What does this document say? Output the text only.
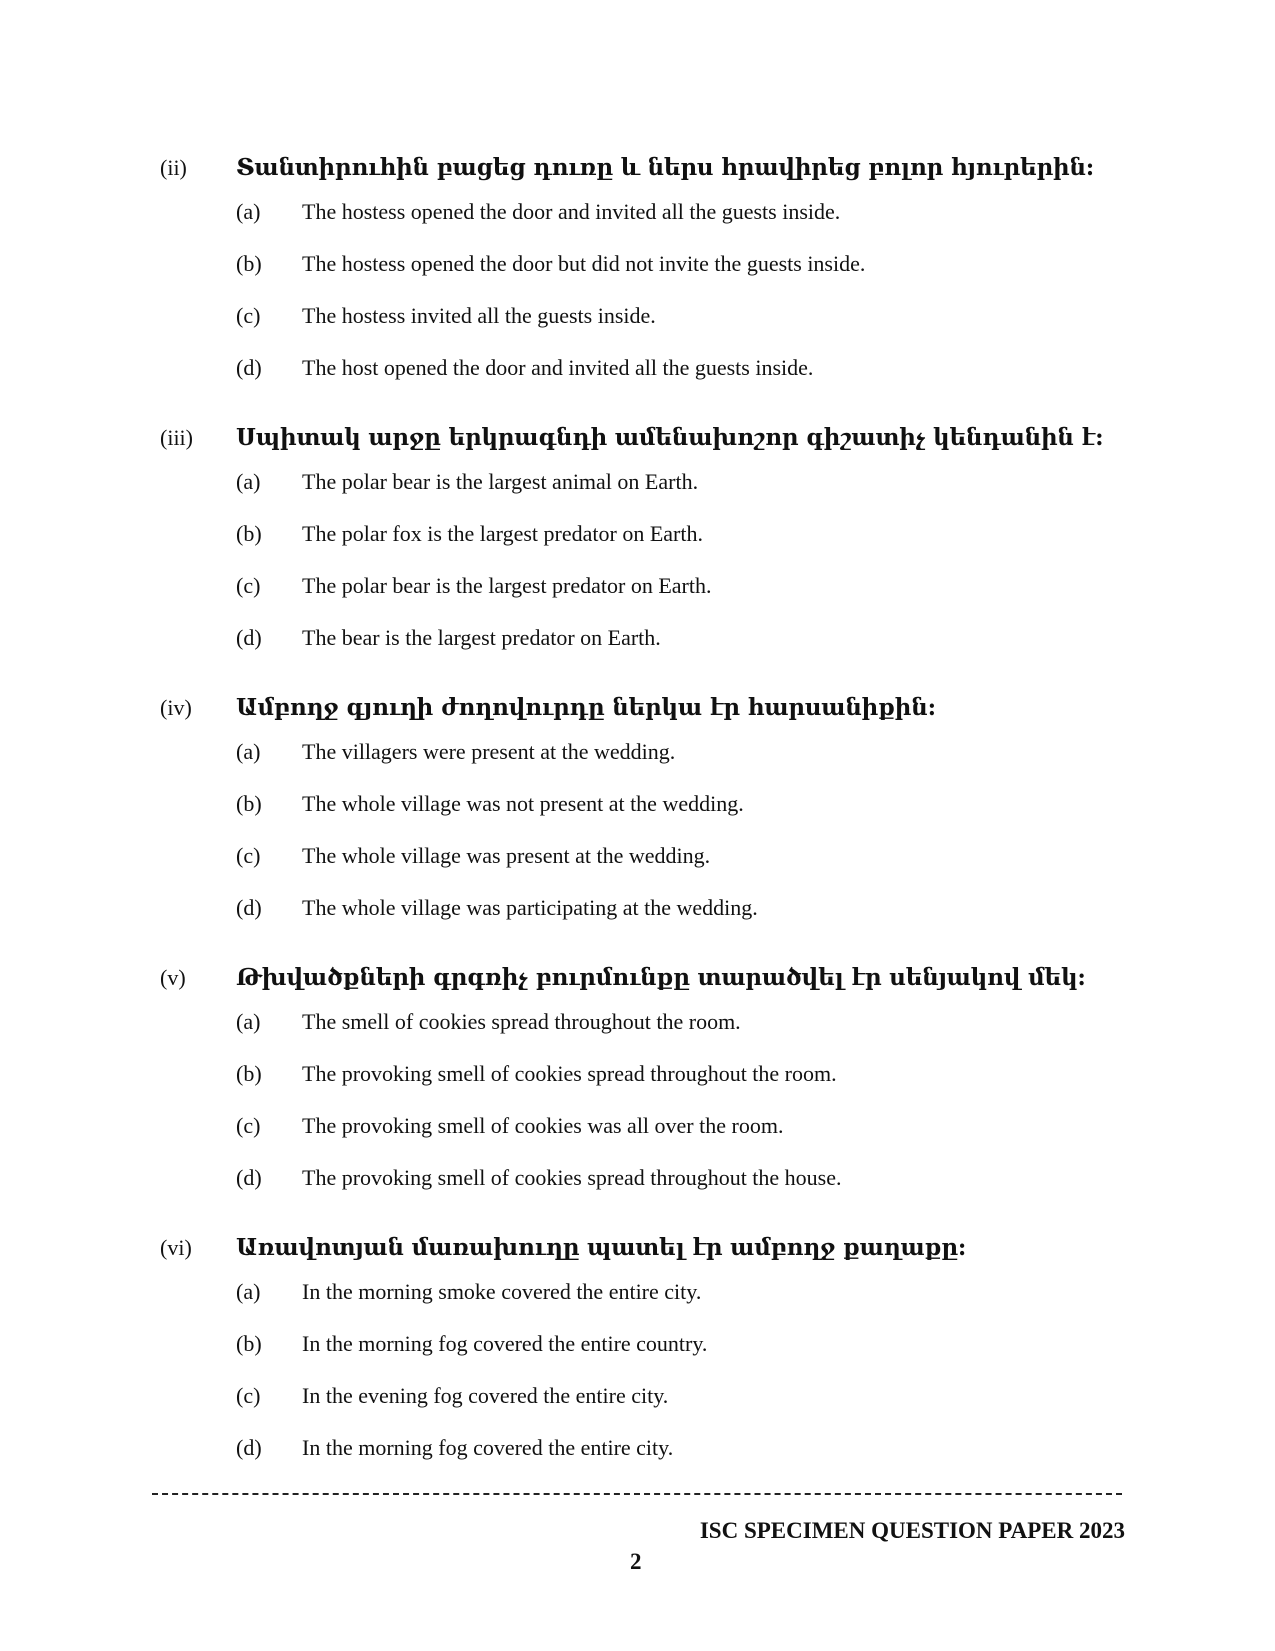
(ii) Տանտիրուհին բացեց դուռը և ներս հրավիրեց բոլոր հյուրերին:
(a) The hostess opened the door and invited all the guests inside.
(b) The hostess opened the door but did not invite the guests inside.
(c) The hostess invited all the guests inside.
(d) The host opened the door and invited all the guests inside.
(iii) Սպիտակ արջը երկրագնդի ամենախոշոր գիշատիչ կենդանին է:
(a) The polar bear is the largest animal on Earth.
(b) The polar fox is the largest predator on Earth.
(c) The polar bear is the largest predator on Earth.
(d) The bear is the largest predator on Earth.
(iv) Ամբողջ գյուղի ժողովուրդը ներկա էր հարսանիքին:
(a) The villagers were present at the wedding.
(b) The whole village was not present at the wedding.
(c) The whole village was present at the wedding.
(d) The whole village was participating at the wedding.
(v) Թխվածքների գրգռիչ բուրմունքը տարածվել էր սենյակով մեկ:
(a) The smell of cookies spread throughout the room.
(b) The provoking smell of cookies spread throughout the room.
(c) The provoking smell of cookies was all over the room.
(d) The provoking smell of cookies spread throughout the house.
(vi) Առավոտյան մառախուղը պատել էր ամբողջ քաղաքը:
(a) In the morning smoke covered the entire city.
(b) In the morning fog covered the entire country.
(c) In the evening fog covered the entire city.
(d) In the morning fog covered the entire city.
ISC SPECIMEN QUESTION PAPER 2023
2
